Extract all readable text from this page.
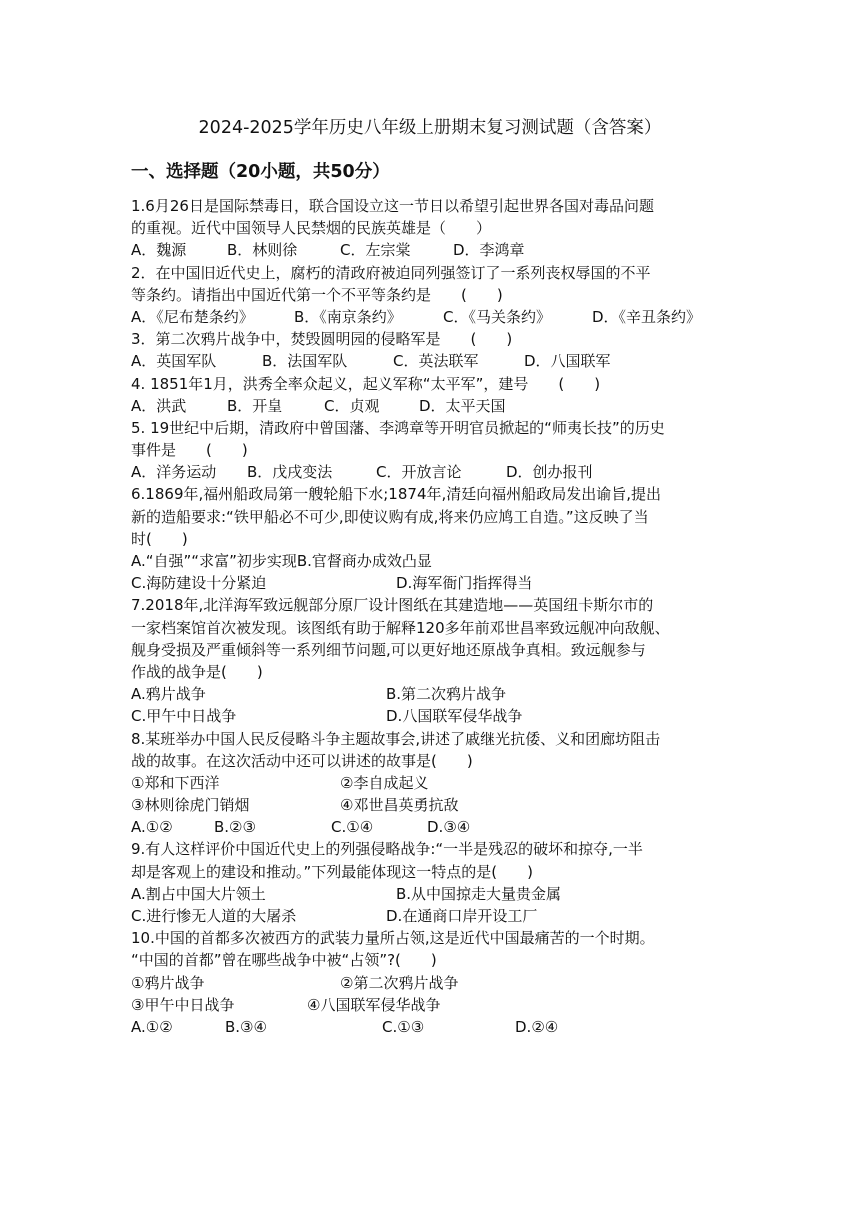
2024-2025学年历史八年级上册期末复习测试题（含答案）
一、选择题（20小题，共50分）
1.6月26日是国际禁毒日，联合国设立这一节日以希望引起世界各国对毒品问题
的重视。近代中国领导人民禁烟的民族英雄是（　　）
A．魏源	B．林则徐	C．左宗棠	D．李鸿章
2．在中国旧近代史上，腐朽的清政府被迫同列强签订了一系列丧权辱国的不平
等条约。请指出中国近代第一个不平等条约是　　(　　)
A．《尼布楚条约》	B．《南京条约》	C．《马关条约》	D．《辛丑条约》
3．第二次鸦片战争中，焚毁圆明园的侵略军是　　(　　)
A．英国军队	B．法国军队	C．英法联军	D．八国联军
4. 1851年1月，洪秀全率众起义，起义军称“太平军”，建号　　(　　)
A．洪武	B．开皇	C．贞观	D．太平天国
5. 19世纪中后期，清政府中曾国藩、李鸿章等开明官员掀起的“师夷长技”的历史
事件是　　(　　)
A．洋务运动 B．戊戌变法	C．开放言论	D．创办报刊
6.1869年,福州船政局第一艘轮船下水;1874年,清廷向福州船政局发出谕旨,提出
新的造船要求:“铁甲船必不可少,即使议购有成,将来仍应鸠工自造。”这反映了当
时(　　)
A.“自强”“求富”初步实现B.官督商办成效凸显
C.海防建设十分紧迫	D.海军衙门指挥得当
7.2018年,北洋海军致远舰部分原厂设计图纸在其建造地——英国纽卡斯尔市的
一家档案馆首次被发现。该图纸有助于解释120多年前邓世昌率致远舰冲向敌舰、
舰身受损及严重倾斜等一系列细节问题,可以更好地还原战争真相。致远舰参与
作战的战争是(　　)
A.鸦片战争	B.第二次鸦片战争
C.甲午中日战争	D.八国联军侵华战争
8.某班举办中国人民反侵略斗争主题故事会,讲述了戚继光抗倭、义和团廊坊阻击
战的故事。在这次活动中还可以讲述的故事是(　　)
①郑和下西洋	②李自成起义
③林则徐虎门销烟	④邓世昌英勇抗敌
A.①②	B.②③	C.①④	D.③④
9.有人这样评价中国近代史上的列强侵略战争:“一半是残忍的破坏和掠夺,一半
却是客观上的建设和推动。”下列最能体现这一特点的是(　　)
A.割占中国大片领土	B.从中国掠走大量贵金属
C.进行惨无人道的大屠杀	D.在通商口岸开设工厂
10.中国的首都多次被西方的武装力量所占领,这是近代中国最痛苦的一个时期。
“中国的首都”曾在哪些战争中被“占领”?(　　)
①鸦片战争	②第二次鸦片战争
③甲午中日战争	④八国联军侵华战争
A.①②	B.③④	C.①③	D.②④
